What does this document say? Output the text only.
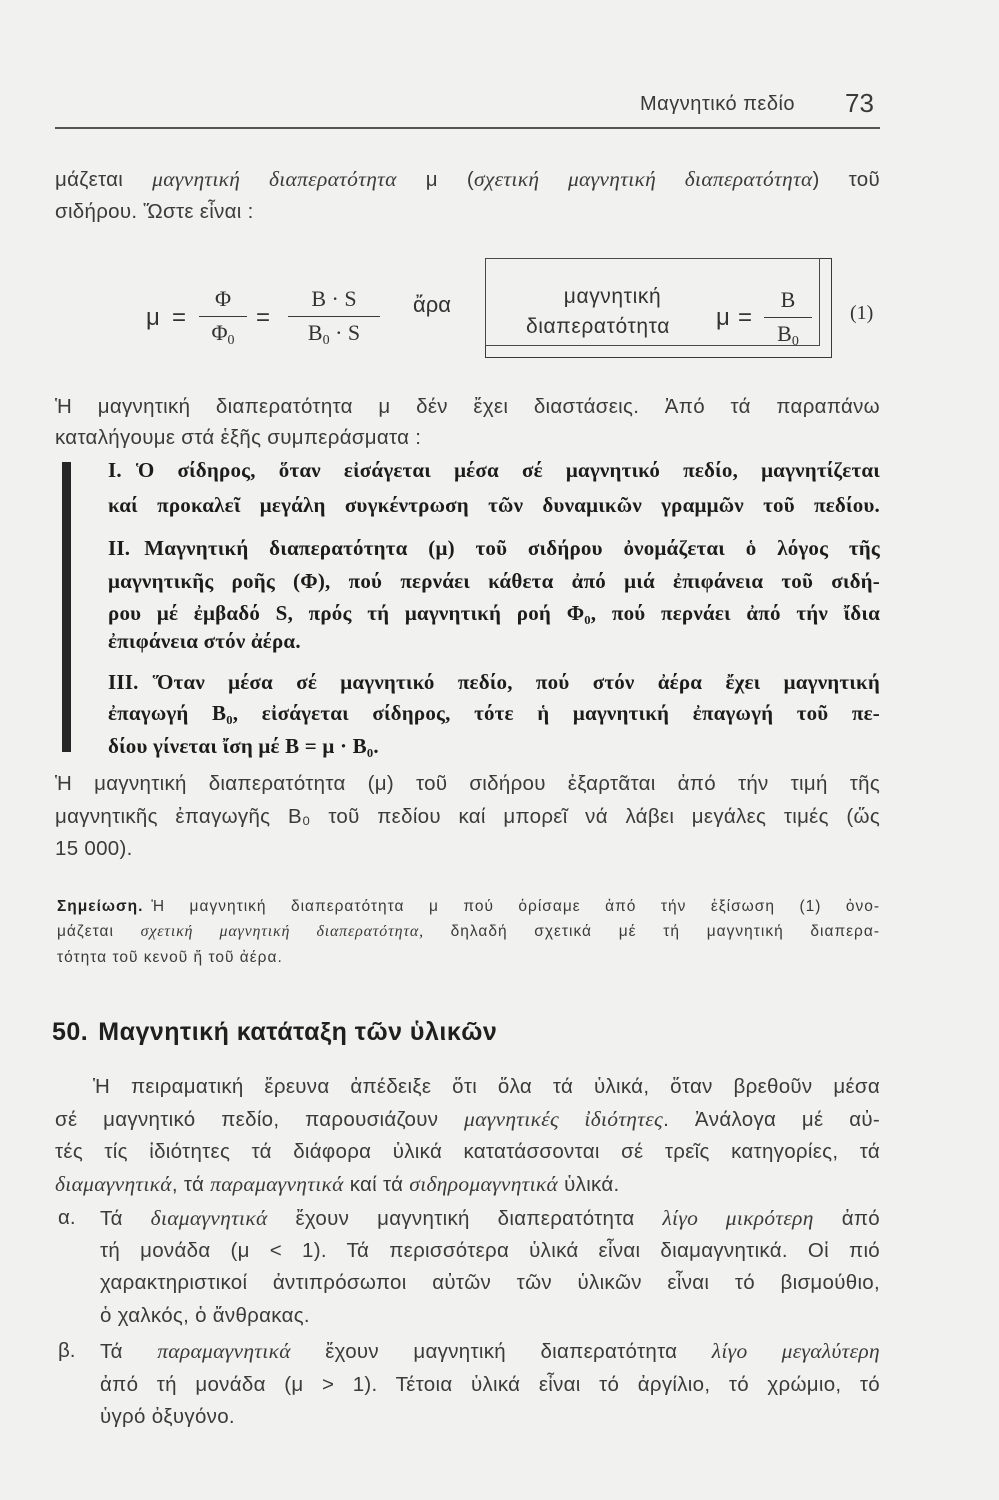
Μαγνητικό πεδίο 73
μάζεται μαγνητική διαπερατότητα μ (σχετική μαγνητική διαπερατότητα) τοῦ
σιδήρου. Ὥστε εἶναι :
$\mu = \frac{\Phi}{\Phi_0} = \frac{B \cdot S}{B_0 \cdot S}$ ἄρα	μαγνητική
διαπερατότητα	$\mu = \frac{B}{B_0} (1)$
Ἡ μαγνητική διαπερατότητα μ δέν ἔχει διαστάσεις. Ἀπό τά παραπάνω
καταλήγουμε στά ἑξῆς συμπεράσματα :
I. Ὁ σίδηρος, ὅταν εἰσάγεται μέσα σέ μαγνητικό πεδίο, μαγνητίζεται
καί προκαλεῖ μεγάλη συγκέντρωση τῶν δυναμικῶν γραμμῶν τοῦ πεδίου.
II. Μαγνητική διαπερατότητα (μ) τοῦ σιδήρου ὀνομάζεται ὁ λόγος τῆς
μαγνητικῆς ροῆς (Φ), πού περνάει κάθετα ἀπό μιά ἐπιφάνεια τοῦ σιδή-
ρου μέ ἐμβαδό S, πρός τή μαγνητική ροή Φ₀, πού περνάει ἀπό τήν ἴδια
ἐπιφάνεια στόν ἀέρα.
III. Ὅταν μέσα σέ μαγνητικό πεδίο, πού στόν ἀέρα ἔχει μαγνητική
ἐπαγωγή B₀, εἰσάγεται σίδηρος, τότε ἡ μαγνητική ἐπαγωγή τοῦ πε-
δίου γίνεται ἴση μέ B = μ · B₀.
Ἡ μαγνητική διαπερατότητα (μ) τοῦ σιδήρου ἐξαρτᾶται ἀπό τήν τιμή τῆς
μαγνητικῆς ἐπαγωγῆς B₀ τοῦ πεδίου καί μπορεῖ νά λάβει μεγάλες τιμές (ὥς
15 000).
Σημείωση. Ἡ μαγνητική διαπερατότητα μ πού ὁρίσαμε ἀπό τήν ἐξίσωση (1) ὀνο-
μάζεται σχετική μαγνητική διαπερατότητα, δηλαδή σχετικά μέ τή μαγνητική διαπερα-
τότητα τοῦ κενοῦ ἤ τοῦ ἀέρα.
50. Μαγνητική κατάταξη τῶν ὑλικῶν
Ἡ πειραματική ἔρευνα ἀπέδειξε ὅτι ὅλα τά ὑλικά, ὅταν βρεθοῦν μέσα
σέ μαγνητικό πεδίο, παρουσιάζουν μαγνητικές ἰδιότητες. Ἀνάλογα μέ αὐ-
τές τίς ἰδιότητες τά διάφορα ὑλικά κατατάσσονται σέ τρεῖς κατηγορίες, τά
διαμαγνητικά, τά παραμαγνητικά καί τά σιδηρομαγνητικά ὑλικά.
α. Τά διαμαγνητικά ἔχουν μαγνητική διαπερατότητα λίγο μικρότερη ἀπό
τή μονάδα (μ < 1). Τά περισσότερα ὑλικά εἶναι διαμαγνητικά. Οἱ πιό
χαρακτηριστικοί ἀντιπρόσωποι αὐτῶν τῶν ὑλικῶν εἶναι τό βισμούθιο,
ὁ χαλκός, ὁ ἄνθρακας.
β. Τά παραμαγνητικά ἔχουν μαγνητική διαπερατότητα λίγο μεγαλύτερη
ἀπό τή μονάδα (μ > 1). Τέτοια ὑλικά εἶναι τό ἀργίλιο, τό χρώμιο, τό
ὑγρό ὀξυγόνο.
